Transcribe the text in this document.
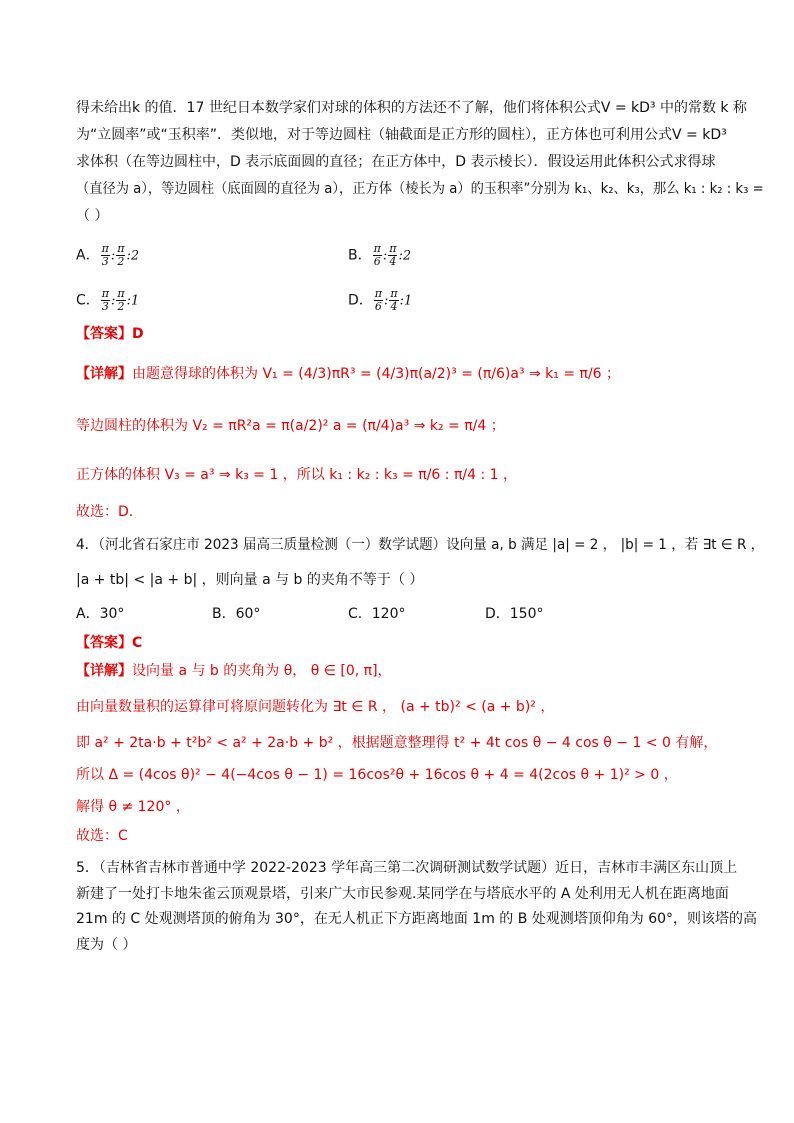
得未给出k 的值．17 世纪日本数学家们对球的体积的方法还不了解，他们将体积公式V = kD³ 中的常数 k 称
为“立圆率”或“玉积率”．类似地，对于等边圆柱（轴截面是正方形的圆柱），正方体也可利用公式V = kD³
求体积（在等边圆柱中，D 表示底面圆的直径；在正方体中，D 表示棱长）．假设运用此体积公式求得球
（直径为 a），等边圆柱（底面圆的直径为 a），正方体（棱长为 a）的玉积率”分别为 k₁、k₂、k₃，那么 k₁ : k₂ : k₃ =
（ ）
A． $\frac{\pi}{3}$ : $\frac{\pi}{2}$ :2	B． $\frac{\pi}{6}$ : $\frac{\pi}{4}$ :2
C． $\frac{\pi}{3}$ : $\frac{\pi}{2}$ :1	D． $\frac{\pi}{6}$ : $\frac{\pi}{4}$ :1
【答案】D
【详解】由题意得球的体积为 V₁ = (4/3)πR³ = (4/3)π(a/2)³ = (π/6)a³ ⇒ k₁ = π/6 ；
等边圆柱的体积为 V₂ = πR²a = π(a/2)² a = (π/4)a³ ⇒ k₂ = π/4 ；
正方体的体积 V₃ = a³ ⇒ k₃ = 1 ，所以 k₁ : k₂ : k₃ = π/6 : π/4 : 1 ，
故选：D．
4．（河北省石家庄市 2023 届高三质量检测（一）数学试题）设向量 a, b 满足 |a| = 2 ， |b| = 1 ，若 ∃t ∈ R ，
|a + tb| < |a + b| ，则向量 a 与 b 的夹角不等于（ ）
A．30°	B．60°	C．120°	D．150°
【答案】C
【详解】设向量 a 与 b 的夹角为 θ， θ ∈ [0, π]，
由向量数量积的运算律可将原问题转化为 ∃t ∈ R ， (a + tb)² < (a + b)² ，
即 a² + 2ta·b + t²b² < a² + 2a·b + b² ，根据题意整理得 t² + 4t cos θ − 4 cos θ − 1 < 0 有解，
所以 Δ = (4cos θ)² − 4(−4cos θ − 1) = 16cos²θ + 16cos θ + 4 = 4(2cos θ + 1)² > 0 ，
解得 θ ≠ 120° ，
故选：C
5．（吉林省吉林市普通中学 2022-2023 学年高三第二次调研测试数学试题）近日，吉林市丰满区东山顶上
新建了一处打卡地朱雀云顶观景塔，引来广大市民参观.某同学在与塔底水平的 A 处利用无人机在距离地面
21m 的 C 处观测塔顶的俯角为 30°，在无人机正下方距离地面 1m 的 B 处观测塔顶仰角为 60°，则该塔的高
度为（ ）
